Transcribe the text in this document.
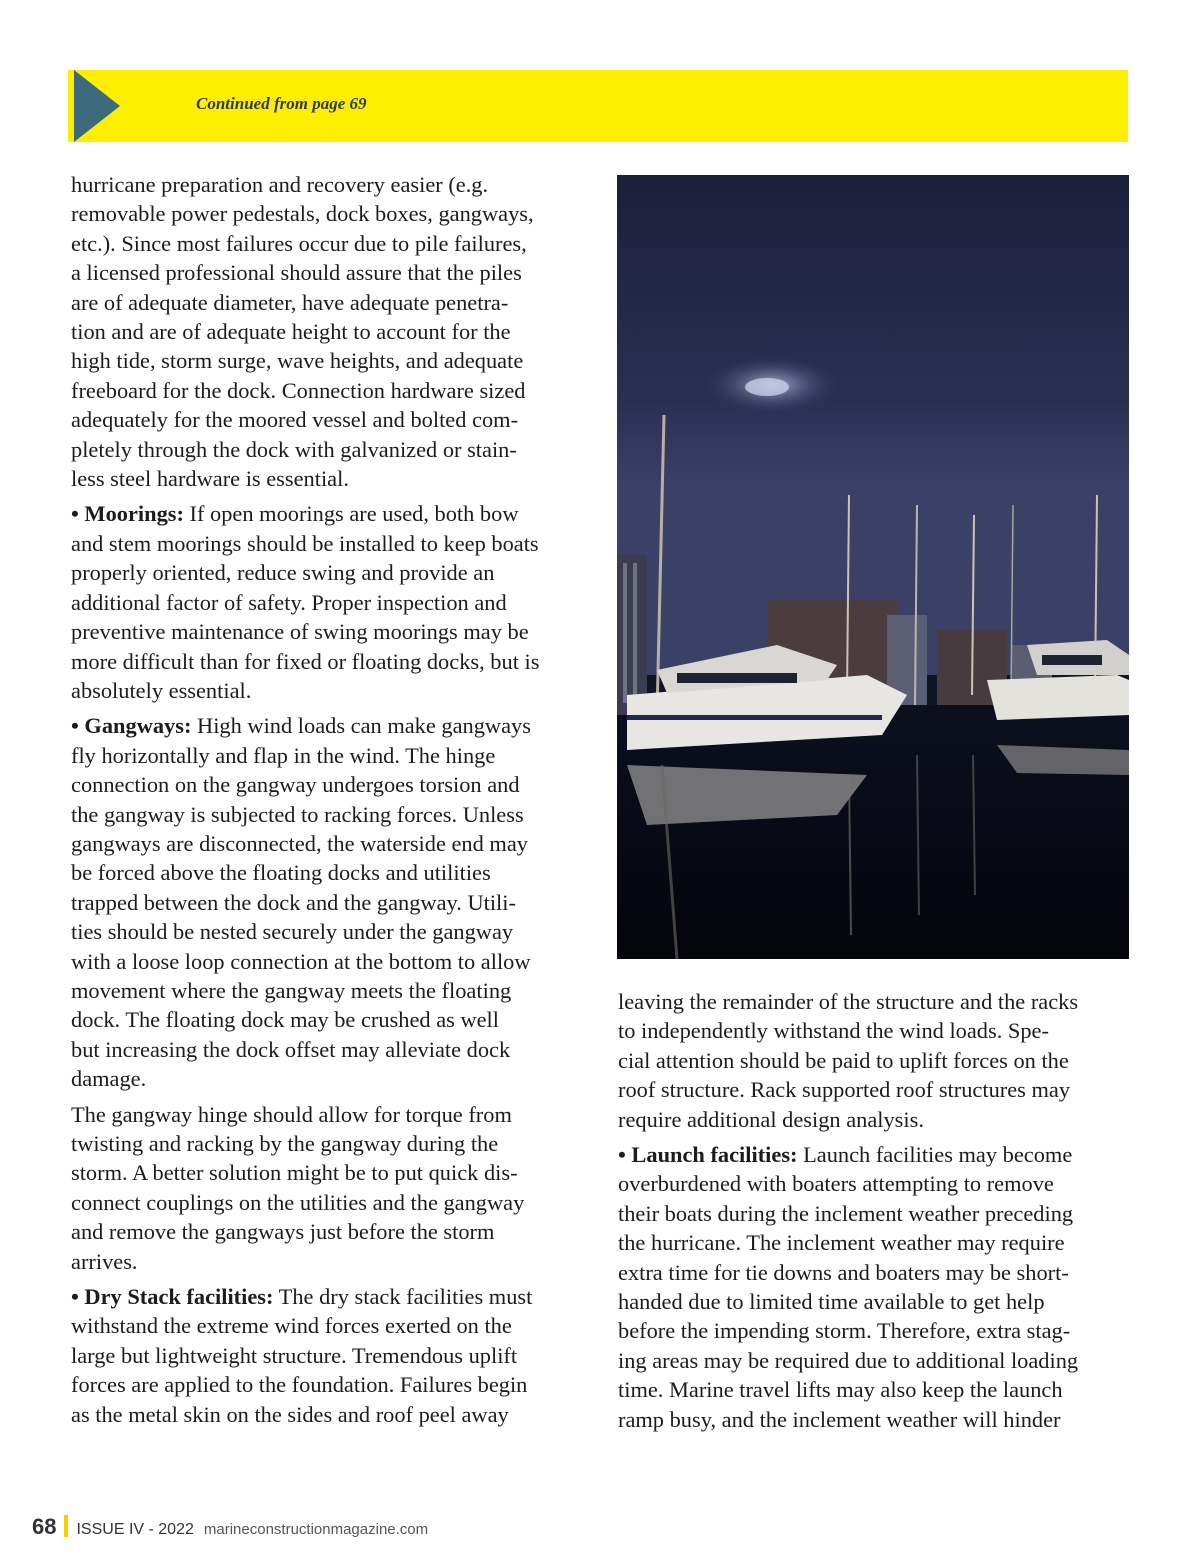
Continued from page 69

hurricane preparation and recovery easier (e.g.
removable power pedestals, dock boxes, gangways,
etc.). Since most failures occur due to pile failures,
a licensed professional should assure that the piles
are of adequate diameter, have adequate penetra-
tion and are of adequate height to account for the
high tide, storm surge, wave heights, and adequate
freeboard for the dock. Connection hardware sized
adequately for the moored vessel and bolted com-
pletely through the dock with galvanized or stain-
less steel hardware is essential.

• Moorings: If open moorings are used, both bow
and stem moorings should be installed to keep boats
properly oriented, reduce swing and provide an
additional factor of safety. Proper inspection and
preventive maintenance of swing moorings may be
more difficult than for fixed or floating docks, but is
absolutely essential.

• Gangways: High wind loads can make gangways
fly horizontally and flap in the wind. The hinge
connection on the gangway undergoes torsion and
the gangway is subjected to racking forces. Unless
gangways are disconnected, the waterside end may
be forced above the floating docks and utilities
trapped between the dock and the gangway. Utili-
ties should be nested securely under the gangway
with a loose loop connection at the bottom to allow
movement where the gangway meets the floating
dock. The floating dock may be crushed as well
but increasing the dock offset may alleviate dock
damage.

The gangway hinge should allow for torque from
twisting and racking by the gangway during the
storm. A better solution might be to put quick dis-
connect couplings on the utilities and the gangway
and remove the gangways just before the storm
arrives.

• Dry Stack facilities: The dry stack facilities must
withstand the extreme wind forces exerted on the
large but lightweight structure. Tremendous uplift
forces are applied to the foundation. Failures begin
as the metal skin on the sides and roof peel away

leaving the remainder of the structure and the racks
to independently withstand the wind loads. Spe-
cial attention should be paid to uplift forces on the
roof structure. Rack supported roof structures may
require additional design analysis.

• Launch facilities: Launch facilities may become
overburdened with boaters attempting to remove
their boats during the inclement weather preceding
the hurricane. The inclement weather may require
extra time for tie downs and boaters may be short-
handed due to limited time available to get help
before the impending storm. Therefore, extra stag-
ing areas may be required due to additional loading
time. Marine travel lifts may also keep the launch
ramp busy, and the inclement weather will hinder

68 ISSUE IV - 2022 marineconstructionmagazine.com
